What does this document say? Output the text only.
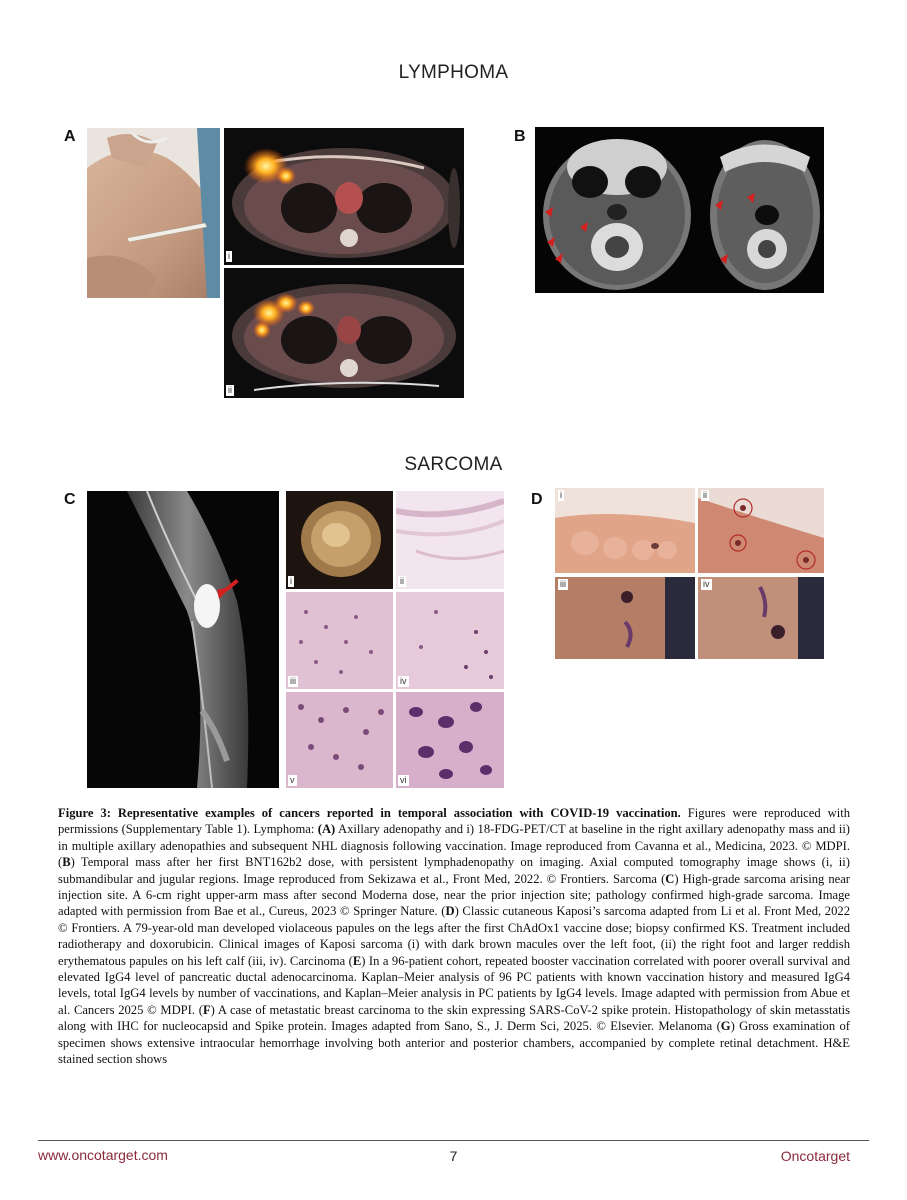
LYMPHOMA
A
i
ii
B
SARCOMA
C
i	ii
iii	iv
v	vi
D i	ii
iii	iv
Figure 3: Representative examples of cancers reported in temporal association with COVID-19 vaccination. Figures were reproduced with permissions (Supplementary Table 1). Lymphoma: (A) Axillary adenopathy and i) 18-FDG-PET/CT at baseline in the right axillary adenopathy mass and ii) in multiple axillary adenopathies and subsequent NHL diagnosis following vaccination. Image reproduced from Cavanna et al., Medicina, 2023. © MDPI. (B) Temporal mass after her first BNT162b2 dose, with persistent lymphadenopathy on imaging. Axial computed tomography image shows (i, ii) submandibular and jugular regions. Image reproduced from Sekizawa et al., Front Med, 2022. © Frontiers. Sarcoma (C) High-grade sarcoma arising near injection site. A 6-cm right upper-arm mass after second Moderna dose, near the prior injection site; pathology confirmed high-grade sarcoma. Image adapted with permission from Bae et al., Cureus, 2023 © Springer Nature. (D) Classic cutaneous Kaposi’s sarcoma adapted from Li et al. Front Med, 2022 © Frontiers. A 79-year-old man developed violaceous papules on the legs after the first ChAdOx1 vaccine dose; biopsy confirmed KS. Treatment included radiotherapy and doxorubicin. Clinical images of Kaposi sarcoma (i) with dark brown macules over the left foot, (ii) the right foot and larger reddish erythematous papules on his left calf (iii, iv). Carcinoma (E) In a 96-patient cohort, repeated booster vaccination correlated with poorer overall survival and elevated IgG4 level of pancreatic ductal adenocarcinoma. Kaplan–Meier analysis of 96 PC patients with known vaccination history and measured IgG4 levels, total IgG4 levels by number of vaccinations, and Kaplan–Meier analysis in PC patients by IgG4 levels. Image adapted with permission from Abue et al. Cancers 2025 © MDPI. (F) A case of metastatic breast carcinoma to the skin expressing SARS-CoV-2 spike protein. Histopathology of skin metasstatis along with IHC for nucleocapsid and Spike protein. Images adapted from Sano, S., J. Derm Sci, 2025. © Elsevier. Melanoma (G) Gross examination of specimen shows extensive intraocular hemorrhage involving both anterior and posterior chambers, accompanied by complete retinal detachment. H&E stained section shows
www.oncotarget.com	7	Oncotarget
